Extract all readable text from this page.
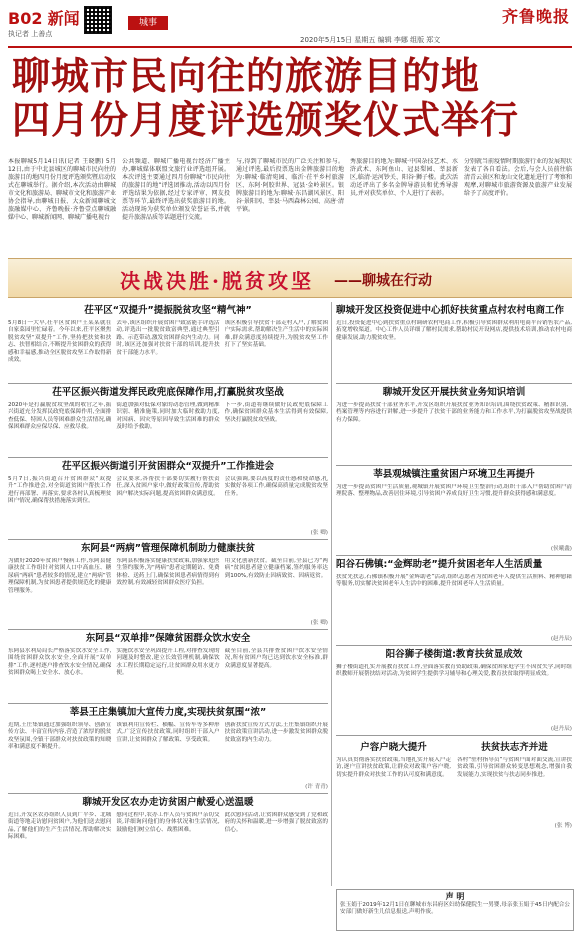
B02 新闻
执记者 上善点
城事	齐鲁晚报
2020年5月15日 星期五 编辑 李娜 组版 郑文
聊城市民向往的旅游目的地
四月份月度评选颁奖仪式举行
本报聊城5月14日讯(记者 王晓鹏) 5月12日,由于中北县城区的聊城市民向往的旅游目的地四月份月度评选颁奖暨启动仪式在聊城举行。据介绍,本次活动由聊城市文化和旅游局、聊城市文化和旅游产业协会指导,由聊城日报、大众新闻聊城文旅融媒中心、齐鲁晚报·齐鲁壹点聊城融媒中心、聊城新闻网、聊城广播电视台
公共频道、聊城广播电视台经济广播主办,聊城媒体联盟文旅行业评选组开展。本次评选主要通过四月份聊城“市民向往的旅游目的地”评选团推动,活动以四月份评选结果为依据,经过专家评审、网友投票等环节,最终评选出获奖旅游目的地。活动现场为获奖单位颁发荣誉证书,并就提升旅游品质等话题进行交流。
与,得到了聊城市民的广泛关注和参与。通过评选,最后投票选出金牌旅游目的地为:聊城·临清宛园、临沂·茌平乡村旅游区、东阿·阿胶世界、冠县·金岭景区。银牌旅游目的地为:聊城·东昌湖风景区、阳谷·景阳冈、莘县·马西森林公园、高唐·清平镇。
秀旅游目的地为:聊城·中国杂技艺术、水浒武术、东阿鱼山、冠县梨园、莘县新区,临清·运河钞关、阳谷·狮子楼。此次活动还评出了多名金牌导游员和优秀导游员,并对获奖单位、个人进行了表彰。
分别就当前疫情时期旅游行业的发展现状发表了各自看法。会后,与会人员前往临清青云景区和龙山文化遗址进行了考察和观摩,对聊城市旅游资源及旅游产业发展给予了高度评价。
决战决胜·脱贫攻坚 ——聊城在行动
茌平区“双提升”提振脱贫攻坚“精气神”
5月8日一大早,茌平区贫困户王某某就在自家菜园里忙碌着。今年以来,茌平区聚焦脱贫攻坚“双提升”工作,坚持把扶贫和扶志、扶智相结合,不断提升贫困群众的获得感和幸福感,推动全区脱贫攻坚工作取得新成效。
去年,该区组织开展贫困户致富能手评选活动,评选出一批脱贫致富典型,通过典型引路、示范带动,激发贫困群众内生动力。同时,该区还加强对扶贫干部的培训,提升扶贫干部能力水平。
该区积极引导扶贫干部走村入户,了解贫困户实际需求,帮助解决生产生活中的实际困难,群众满意度持续提升,为脱贫攻坚工作打下了坚实基础。
茌平区振兴街道发挥民政兜底保障作用,打赢脱贫攻坚战
2020年是打赢脱贫攻坚战的收官之年,振兴街道充分发挥民政兜底保障作用,全面排查低保、特困人员等困难群众生活情况,确保困难群众应保尽保、应救尽救。
街道加强对低保对象的动态管理,做到精准识别、精准施策,同时加大临时救助力度,对因病、因灾等原因导致生活困难的群众及时给予救助。
下一步,街道将继续做好民政兜底保障工作,确保贫困群众基本生活得到有效保障,坚决打赢脱贫攻坚战。
茌平区振兴街道引开贫困群众“双提升”工作推进会
5月7日,振兴街道召开贫困群众“双提升”工作推进会,对全街道贫困户帮扶工作进行再部署、再落实,要求各村认真梳理贫困户情况,确保帮扶措施落实到位。
会议要求,各帮扶干部要切实履行帮扶责任,深入贫困户家中,做好政策宣传,帮助贫困户解决实际问题,提高贫困群众满意度。
会议强调,要以高度的责任感和使命感,扎实做好各项工作,确保高质量完成脱贫攻坚任务。
(张 卿)
东阿县“两病”管理保障机制助力健康扶贫
为做好2020年贫困户慢病工作,东阿县健康扶贫工作组针对贫困人口中高血压、糖尿病“两病”患者较多的情况,建立“两病”管理保障机制,为贫困患者提供规范化的健康管理服务。
东阿县积极落实健康扶贫政策,加强家庭医生签约服务,为“两病”患者定期随访、免费体检、送药上门,确保贫困患者病情得到有效控制,有效减轻贫困群众医疗负担。
用文化创新扶贫。截至目前,全县已为“两病”贫困患者建立健康档案,签约服务率达到100%,有效防止因病致贫、因病返贫。
(张 卿)
东阿县“双单排”保障贫困群众饮水安全
东阿县水利局局长严格落实饮水安全工作,围绕贫困群众饮水安全,全面开展“双单排”工作,逐村逐户排查饮水安全情况,确保贫困群众喝上安全水、放心水。
实施饮水安全巩固提升工程,对排查发现的问题及时整改,建立长效管理机制,确保饮水工程长期稳定运行,让贫困群众用水更方便。
截至目前,全县共排查贫困户饮水安全情况,所有贫困户均已达到饮水安全标准,群众满意度显著提高。
莘县王庄集镇加大宣传力度,实现扶贫氛围“浓”
近期,王庄集镇通过加强组织领导、创新宣传方法、丰富宣传内容,营造了浓厚的脱贫攻坚氛围,全镇干部群众对扶贫政策的知晓率和满意度不断提升。
该镇利用宣传栏、横幅、宣传车等多种形式,广泛宣传扶贫政策,同时组织干部入户宣讲,让贫困群众了解政策、享受政策。
创新扶贫宣传方式方法,王庄集镇组织开展扶贫政策宣讲活动,进一步激发贫困群众脱贫致富的内生动力。
(许 青青)
聊城开发区农办走访贫困户献爱心送温暖
近日,开发区农办组织人员到广平乡、北城街道等地走访慰问贫困户,为他们送去慰问品,了解他们的生产生活情况,帮助解决实际困难。
慰问过程中,农办工作人员与贫困户亲切交谈,详细询问他们的身体状况和生活情况,鼓励他们树立信心、战胜困难。
此次慰问活动,让贫困群众感受到了党和政府的关怀和温暖,进一步增强了脱贫致富的信心。
聊城开发区投资促进中心抓好扶贫重点村农村电商工作
近日,投资促进中心到扶贫重点村调研农村电商工作,积极引导贫困群众利用电商平台销售农产品,拓宽增收渠道。中心工作人员详细了解村民需求,帮助村民开设网店,提供技术培训,推动农村电商健康发展,助力脱贫攻坚。
聊城开发区开展扶贫业务知识培训
为进一步提高扶贫干部业务水平,开发区组织开展扶贫业务知识培训,围绕扶贫政策、精准识别、档案管理等内容进行讲解,进一步提升了扶贫干部的业务能力和工作水平,为打赢脱贫攻坚战提供有力保障。
莘县观城镇注重贫困户环境卫生再提升
为进一步提高贫困户生活质量,观城镇开展贫困户环境卫生整治行动,组织干部入户帮助贫困户清理院落、整理物品,改善居住环境,引导贫困户养成良好卫生习惯,提升群众获得感和满意度。
(侯曦鑫)
阳谷石佛镇:“金辉助老”提升贫困老年人生活质量
扶贫先扶志,石佛镇积极开展“金辉助老”活动,组织志愿者为贫困老年人提供生活照料、精神慰藉等服务,切实解决贫困老年人生活中的困难,提升贫困老年人生活质量。
(赵丹辰)
阳谷狮子楼街道:教育扶贫显成效
狮子楼街道扎实开展教育扶贫工作,全面落实教育资助政策,确保贫困家庭学生不因贫失学,同时组织教师开展帮扶结对活动,为贫困学生提供学习辅导和心理关爱,教育扶贫取得明显成效。
(赵丹辰)
户容户晓大提升
为认真贯彻落实扶贫政策,当地扎实开展入户走访,逐户宣讲扶贫政策,让群众对政策户容户晓,切实提升群众对扶贫工作的认可度和满意度。
扶贫扶志齐并进
各村“驻村指导员”与贫困户面对面交流,宣讲扶贫政策,引导贫困群众转变思想观念,增强自我发展能力,实现扶贫与扶志同步推进。
(张 博)
声 明
张玉娟于2019年12月1日在聊城市东昌府区妇幼保健院生一男婴,母亲张玉娟于45日内配合公安部门做好新生儿信息报送,声明作废。
